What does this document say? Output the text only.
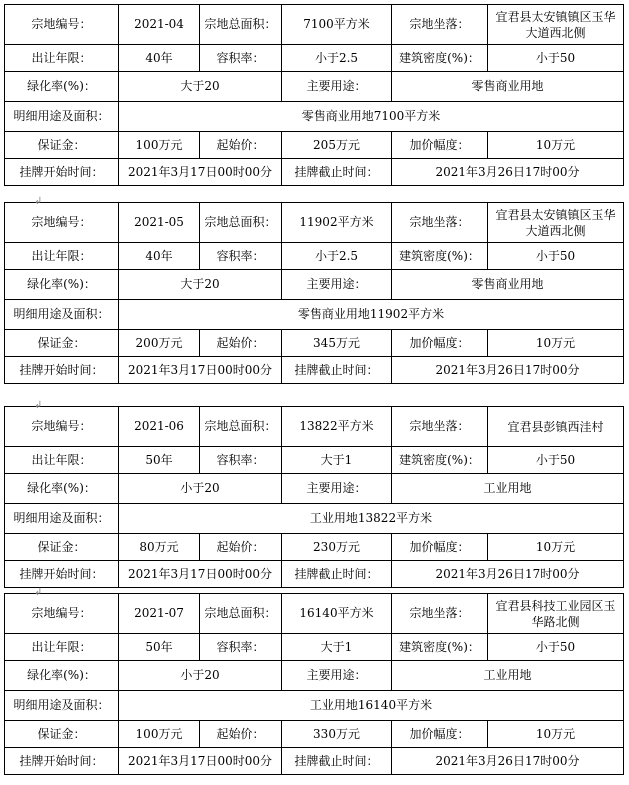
宗地编号：	2021-04	宗地总面积：	7100平方米	宗地坐落：	宜君县太安镇镇区玉华大道西北侧
出让年限：	40年	容积率：	小于2.5	建筑密度(%)：	小于50
绿化率(%)：	大于20		主要用途：	零售商业用地	
明细用途及面积：	零售商业用地7100平方米				
保证金：	100万元	起始价：	205万元	加价幅度：	10万元
挂牌开始时间：	2021年3月17日00时00分		挂牌截止时间：	2021年3月26日17时00分	
宗地编号：	2021-05	宗地总面积：	11902平方米	宗地坐落：	宜君县太安镇镇区玉华大道西北侧
出让年限：	40年	容积率：	小于2.5	建筑密度(%)：	小于50
绿化率(%)：	大于20		主要用途：	零售商业用地	
明细用途及面积：	零售商业用地11902平方米				
保证金：	200万元	起始价：	345万元	加价幅度：	10万元
挂牌开始时间：	2021年3月17日00时00分		挂牌截止时间：	2021年3月26日17时00分	
宗地编号：	2021-06	宗地总面积：	13822平方米	宗地坐落：	宜君县彭镇西洼村
出让年限：	50年	容积率：	大于1	建筑密度(%)：	小于50
绿化率(%)：	小于20		主要用途：	工业用地	
明细用途及面积：	工业用地13822平方米				
保证金：	80万元	起始价：	230万元	加价幅度：	10万元
挂牌开始时间：	2021年3月17日00时00分		挂牌截止时间：	2021年3月26日17时00分	
宗地编号：	2021-07	宗地总面积：	16140平方米	宗地坐落：	宜君县科技工业园区玉华路北侧
出让年限：	50年	容积率：	大于1	建筑密度(%)：	小于50
绿化率(%)：	小于20		主要用途：	工业用地	
明细用途及面积：	工业用地16140平方米				
保证金：	100万元	起始价：	330万元	加价幅度：	10万元
挂牌开始时间：	2021年3月17日00时00分		挂牌截止时间：	2021年3月26日17时00分	
↲
↲
↲
